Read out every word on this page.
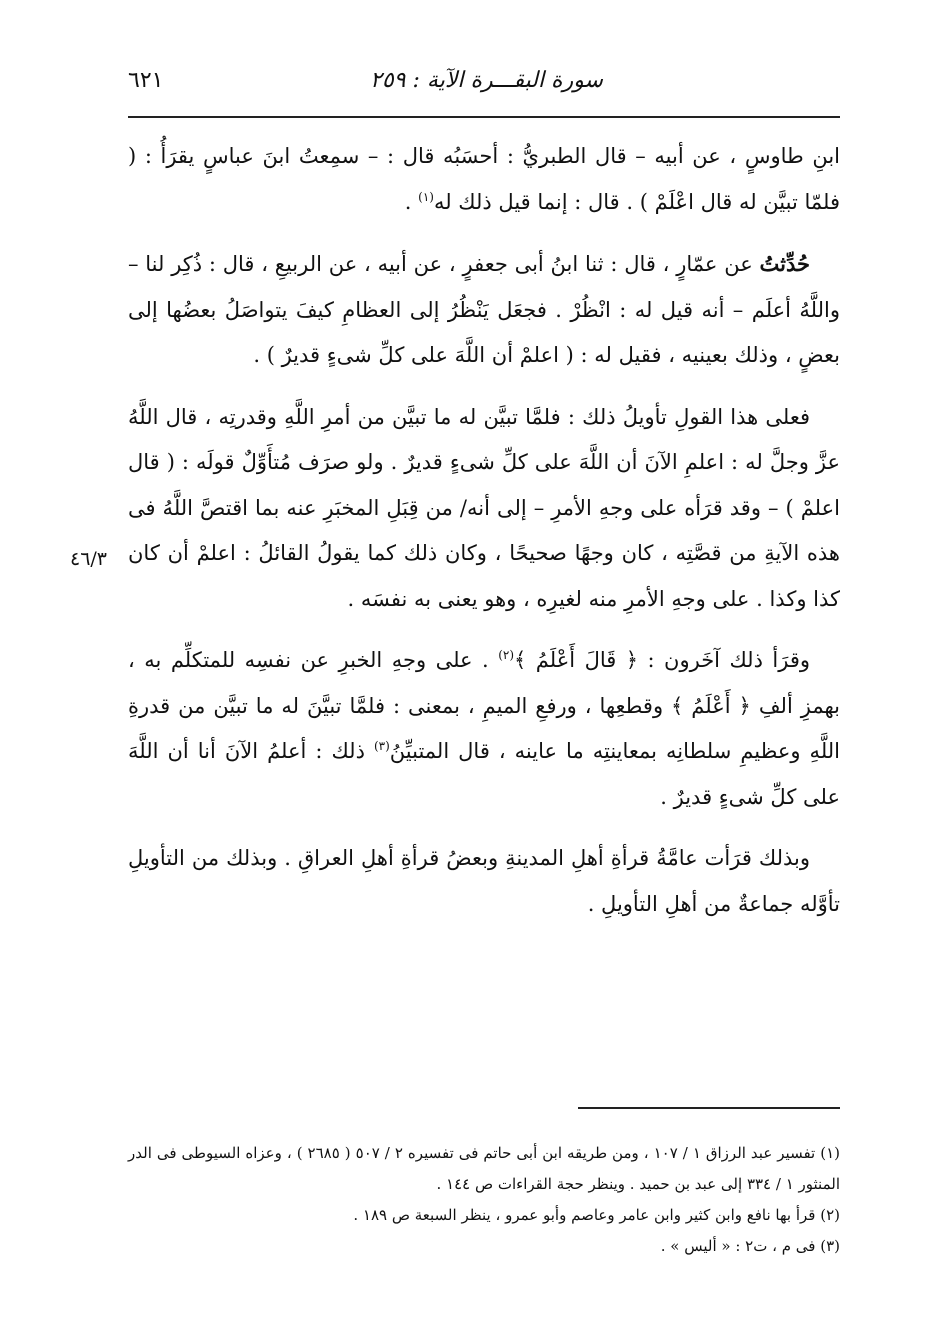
سورة البقـــرة الآية : ٢٥٩
٦٢١
٤٦/٣

ابنِ طاوسٍ ، عن أبيه – قال الطبريُّ : أحسَبُه قال : – سمِعتُ ابنَ عباسٍ يقرَأُ : ( فلمّا تبيَّن له قال اعْلَمْ ) . قال : إنما قيل ذلك له$^{(١)}$ .

حُدِّثتُ عن عمّارٍ ، قال : ثنا ابنُ أبى جعفرٍ ، عن أبيه ، عن الربيعِ ، قال : ذُكِر لنا – واللَّهُ أعلَم – أنه قيل له : انْظُرْ . فجعَل يَنْظُرُ إلى العظامِ كيفَ يتواصَلُ بعضُها إلى بعضٍ ، وذلك بعينيه ، فقيل له : ( اعلمْ أن اللَّهَ على كلِّ شىءٍ قديرٌ ) .

فعلى هذا القولِ تأويلُ ذلك : فلمَّا تبيَّن له ما تبيَّن من أمرِ اللَّهِ وقدرتِه ، قال اللَّهُ عزَّ وجلَّ له : اعلمِ الآنَ أن اللَّهَ على كلِّ شىءٍ قديرٌ . ولو صرَف مُتأَوِّلٌ قولَه : ( قال اعلمْ ) – وقد قرَأه على وجهِ الأمرِ – إلى أنه/ من قِبَلِ المخبَرِ عنه بما اقتصَّ اللَّهُ فى هذه الآيةِ من قصَّتِه ، كان وجهًا صحيحًا ، وكان ذلك كما يقولُ القائلُ : اعلمْ أن كان كذا وكذا . على وجهِ الأمرِ منه لغيرِه ، وهو يعنى به نفسَه .

وقرَأ ذلك آخَرون : ﴿ قَالَ أَعْلَمُ ﴾$^{(٢)}$ . على وجهِ الخبرِ عن نفسِه للمتكلِّم به ، بهمزِ ألفِ ﴿ أَعْلَمُ ﴾ وقطعِها ، ورفعِ الميمِ ، بمعنى : فلمَّا تبيَّنَ له ما تبيَّن من قدرةِ اللَّهِ وعظيمِ سلطانِه بمعاينتِه ما عاينه ، قال المتبيِّنُ$^{(٣)}$ ذلك : أعلمُ الآنَ أنا أن اللَّهَ على كلِّ شىءٍ قديرٌ .

وبذلك قرَأت عامَّةُ قرأةِ أهلِ المدينةِ وبعضُ قرأةِ أهلِ العراقِ . وبذلك من التأويلِ تأوَّله جماعةٌ من أهلِ التأويلِ .

(١) تفسير عبد الرزاق ١ / ١٠٧ ، ومن طريقه ابن أبى حاتم فى تفسيره ٢ / ٥٠٧ ( ٢٦٨٥ ) ، وعزاه السيوطى فى الدر المنثور ١ / ٣٣٤ إلى عبد بن حميد . وينظر حجة القراءات ص ١٤٤ .
(٢) قرأ بها نافع وابن كثير وابن عامر وعاصم وأبو عمرو ، ينظر السبعة ص ١٨٩ .
(٣) فى م ، ت٢ : « أليس » .
